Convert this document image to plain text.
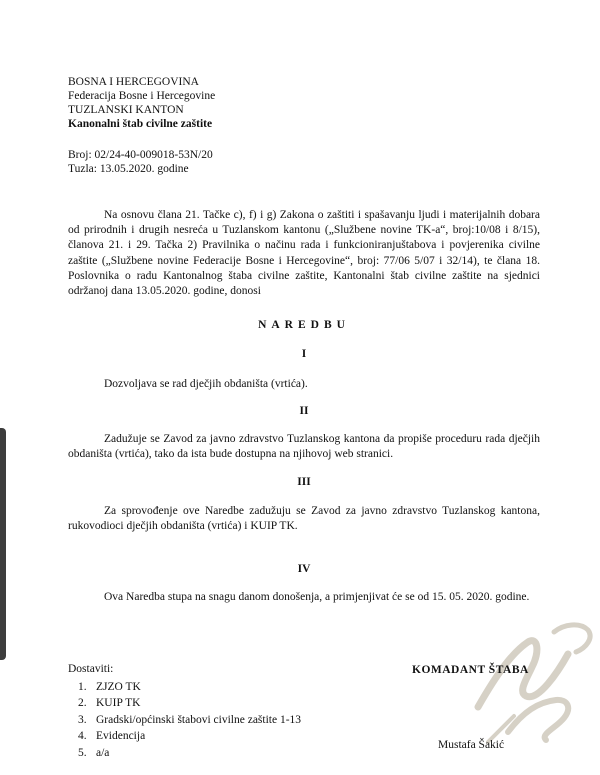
BOSNA I HERCEGOVINA
Federacija Bosne i Hercegovine
TUZLANSKI KANTON
Kanonalni štab civilne zaštite
Broj: 02/24-40-009018-53N/20
Tuzla: 13.05.2020. godine
Na osnovu člana 21. Tačke c), f) i g) Zakona o zaštiti i spašavanju ljudi i materijalnih dobara od prirodnih i drugih nesreća u Tuzlanskom kantonu („Službene novine TK-a“, broj:10/08 i 8/15), članova 21. i 29. Tačka 2) Pravilnika o načinu rada i funkcioniranjuštabova i povjerenika civilne zaštite („Službene novine Federacije Bosne i Hercegovine“, broj: 77/06 5/07 i 32/14), te člana 18. Poslovnika o radu Kantonalnog štaba civilne zaštite, Kantonalni štab civilne zaštite na sjednici održanoj dana 13.05.2020. godine, donosi
NAREDBU
I
Dozvoljava se rad dječjih obdaništa (vrtića).
II
Zadužuje se Zavod za javno zdravstvo Tuzlanskog kantona da propiše proceduru rada dječjih obdaništa (vrtića), tako da ista bude dostupna na njihovoj web stranici.
III
Za sprovođenje ove Naredbe zadužuju se Zavod za javno zdravstvo Tuzlanskog kantona, rukovodioci dječjih obdaništa (vrtića) i KUIP TK.
IV
Ova Naredba stupa na snagu danom donošenja, a primjenjivat će se od 15. 05. 2020. godine.
Dostaviti:
1. ZJZO TK
2. KUIP TK
3. Gradski/općinski štabovi civilne zaštite 1-13
4. Evidencija
5. a/a
KOMADANT ŠTABA
Mustafa Šakić
